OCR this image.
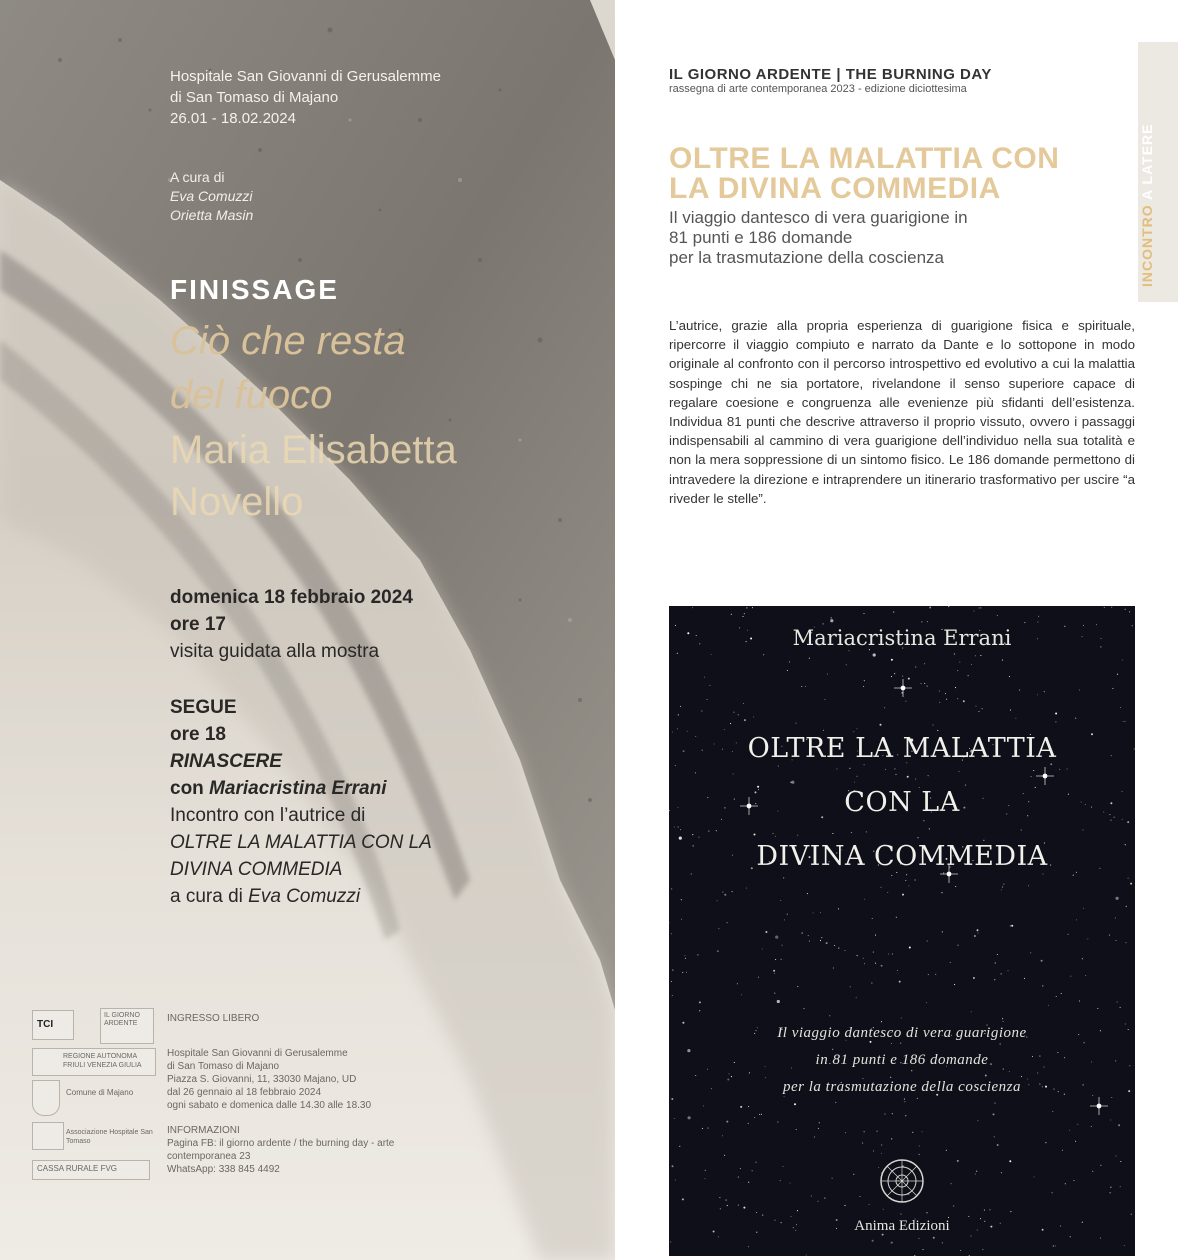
Hospitale San Giovanni di Gerusalemme
di San Tomaso di Majano
26.01 - 18.02.2024
A cura di
Eva Comuzzi
Orietta Masin
FINISSAGE
Ciò che resta
del fuoco
Maria Elisabetta
Novello
domenica 18 febbraio 2024
ore 17
visita guidata alla mostra
SEGUE
ore 18
RINASCERE
con Mariacristina Errani
Incontro con l’autrice di
OLTRE LA MALATTIA CON LA
DIVINA COMMEDIA
a cura di Eva Comuzzi
TCI
IL GIORNO ARDENTE
REGIONE AUTONOMA FRIULI VENEZIA GIULIA
Comune di Majano
Associazione Hospitale San Tomaso
CASSA RURALE FVG
INGRESSO LIBERO
Hospitale San Giovanni di Gerusalemme
di San Tomaso di Majano
Piazza S. Giovanni, 11, 33030 Majano, UD
dal 26 gennaio al 18 febbraio 2024
ogni sabato e domenica dalle 14.30 alle 18.30
INFORMAZIONI
Pagina FB: il giorno ardente / the burning day - arte contemporanea 23
WhatsApp: 338 845 4492
IL GIORNO ARDENTE | THE BURNING DAY
rassegna di arte contemporanea 2023 - edizione diciottesima
OLTRE LA MALATTIA CON
LA DIVINA COMMEDIA
Il viaggio dantesco di vera guarigione in
81 punti e 186 domande
per la trasmutazione della coscienza	INCONTRO A LATERE
L’autrice, grazie alla propria esperienza di guarigione fisica e spirituale, ripercorre il viaggio compiuto e narrato da Dante e lo sottopone in modo originale al confronto con il percorso introspettivo ed evolutivo a cui la malattia sospinge chi ne sia portatore, rivelandone il senso superiore capace di regalare coesione e congruenza alle evenienze più sfidanti dell’esistenza. Individua 81 punti che descrive attraverso il proprio vissuto, ovvero i passaggi indispensabili al cammino di vera guarigione dell’individuo nella sua totalità e non la mera soppressione di un sintomo fisico. Le 186 domande permettono di intravedere la direzione e intraprendere un itinerario trasformativo per uscire “a riveder le stelle”.
Mariacristina Errani
OLTRE LA MALATTIA
CON LA
DIVINA COMMEDIA
Il viaggio dantesco di vera guarigione
in 81 punti e 186 domande
per la trasmutazione della coscienza
Anima Edizioni
